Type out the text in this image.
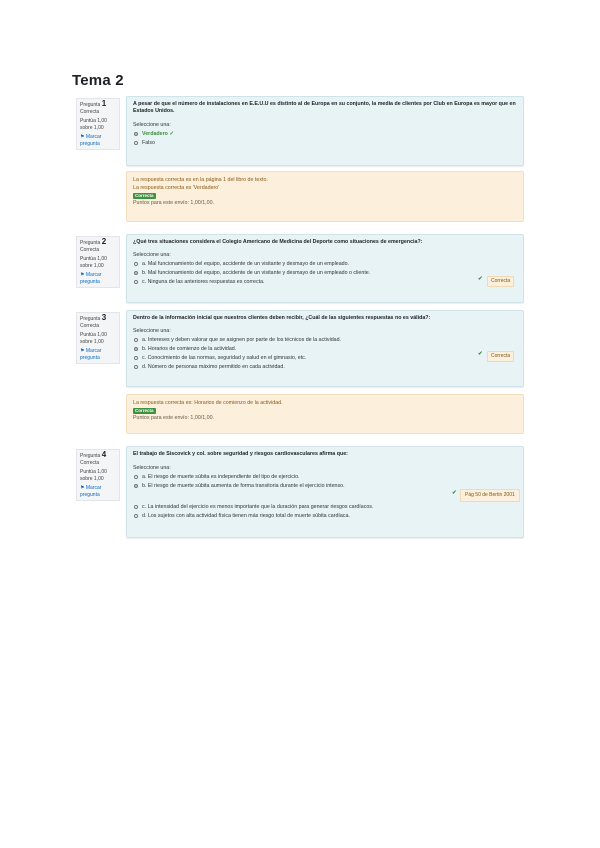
Tema 2
Pregunta 1
Correcta
Puntúa 1,00 sobre 1,00
⚑ Marcar pregunta
A pesar de que el número de instalaciones en E.E.U.U es distinto al de Europa en su conjunto, la media de clientes por Club en Europa es mayor que en Estados Unidos.
Seleccione una:
Verdadero ✓
Falso
La respuesta correcta es en la página 1 del libro de texto.
La respuesta correcta es 'Verdadero'
Correcta
Puntos para este envío: 1,00/1,00.
Pregunta 2
Correcta
Puntúa 1,00 sobre 1,00
⚑ Marcar pregunta
¿Qué tres situaciones considera el Colegio Americano de Medicina del Deporte como situaciones de emergencia?:
Seleccione una:
a. Mal funcionamiento del equipo, accidente de un visitante y desmayo de un empleado.
b. Mal funcionamiento del equipo, accidente de un visitante y desmayo de un empleado o cliente.
c. Ninguna de las anteriores respuestas es correcta.	✔	Correcta
Pregunta 3
Correcta
Puntúa 1,00 sobre 1,00
⚑ Marcar pregunta
Dentro de la información inicial que nuestros clientes deben recibir, ¿Cuál de las siguientes respuestas no es válida?:
Seleccione una:
a. Intereses y deben valorar que se asignen por parte de los técnicos de la actividad.
b. Horarios de comienzo de la actividad.
c. Conocimiento de las normas, seguridad y salud en el gimnasio, etc.
d. Número de personas máximo permitido en cada actividad.
✔	Correcta
La respuesta correcta es: Horarios de comienzo de la actividad.
Correcta
Puntos para este envío: 1,00/1,00.
Pregunta 4
Correcta
Puntúa 1,00 sobre 1,00
⚑ Marcar pregunta
El trabajo de Siscovick y col. sobre seguridad y riesgos cardiovasculares afirma que:
Seleccione una:
a. El riesgo de muerte súbita es independiente del tipo de ejercicio.
b. El riesgo de muerte súbita aumenta de forma transitoria durante el ejercicio intenso.
c. La intensidad del ejercicio es menos importante que la duración para generar riesgos cardíacos.
d. Los sujetos con alta actividad física tienen más riesgo total de muerte súbita cardíaca.
✔	Pág 50 de Bertin 2001
